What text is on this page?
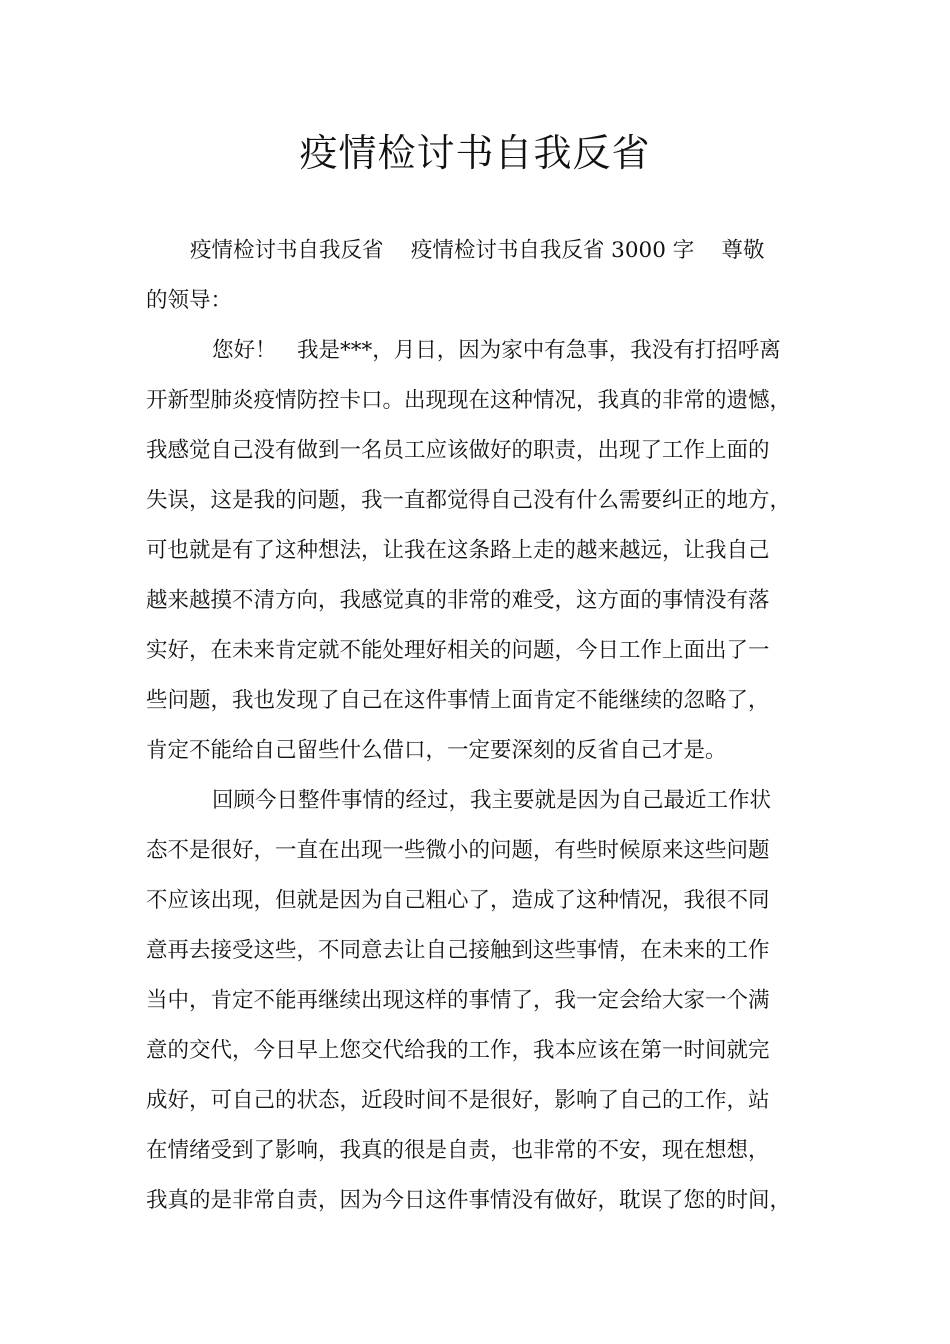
疫情检讨书自我反省
疫情检讨书自我反省    疫情检讨书自我反省 3000 字    尊敬
的领导：
您好！   我是***，月日，因为家中有急事，我没有打招呼离
开新型肺炎疫情防控卡口。出现现在这种情况，我真的非常的遗憾，
我感觉自己没有做到一名员工应该做好的职责，出现了工作上面的
失误，这是我的问题，我一直都觉得自己没有什么需要纠正的地方，
可也就是有了这种想法，让我在这条路上走的越来越远，让我自己
越来越摸不清方向，我感觉真的非常的难受，这方面的事情没有落
实好，在未来肯定就不能处理好相关的问题，今日工作上面出了一
些问题，我也发现了自己在这件事情上面肯定不能继续的忽略了，
肯定不能给自己留些什么借口，一定要深刻的反省自己才是。
回顾今日整件事情的经过，我主要就是因为自己最近工作状
态不是很好，一直在出现一些微小的问题，有些时候原来这些问题
不应该出现，但就是因为自己粗心了，造成了这种情况，我很不同
意再去接受这些，不同意去让自己接触到这些事情，在未来的工作
当中，肯定不能再继续出现这样的事情了，我一定会给大家一个满
意的交代，今日早上您交代给我的工作，我本应该在第一时间就完
成好，可自己的状态，近段时间不是很好，影响了自己的工作，站
在情绪受到了影响，我真的很是自责，也非常的不安，现在想想，
我真的是非常自责，因为今日这件事情没有做好，耽误了您的时间，
